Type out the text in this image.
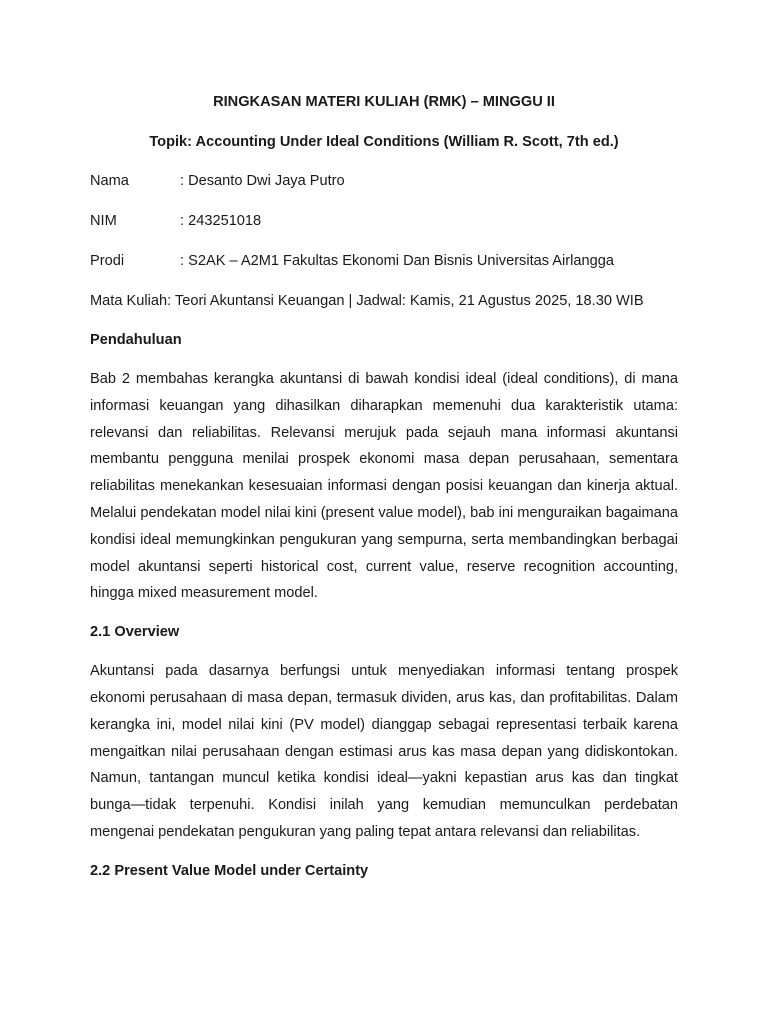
RINGKASAN MATERI KULIAH (RMK) – MINGGU II
Topik: Accounting Under Ideal Conditions (William R. Scott, 7th ed.)
Nama	: Desanto Dwi Jaya Putro
NIM	: 243251018
Prodi	: S2AK – A2M1 Fakultas Ekonomi Dan Bisnis Universitas Airlangga
Mata Kuliah: Teori Akuntansi Keuangan | Jadwal: Kamis, 21 Agustus 2025, 18.30 WIB
Pendahuluan

Bab 2 membahas kerangka akuntansi di bawah kondisi ideal (ideal conditions), di mana informasi keuangan yang dihasilkan diharapkan memenuhi dua karakteristik utama: relevansi dan reliabilitas. Relevansi merujuk pada sejauh mana informasi akuntansi membantu pengguna menilai prospek ekonomi masa depan perusahaan, sementara reliabilitas menekankan kesesuaian informasi dengan posisi keuangan dan kinerja aktual. Melalui pendekatan model nilai kini (present value model), bab ini menguraikan bagaimana kondisi ideal memungkinkan pengukuran yang sempurna, serta membandingkan berbagai model akuntansi seperti historical cost, current value, reserve recognition accounting, hingga mixed measurement model.

2.1 Overview

Akuntansi pada dasarnya berfungsi untuk menyediakan informasi tentang prospek ekonomi perusahaan di masa depan, termasuk dividen, arus kas, dan profitabilitas. Dalam kerangka ini, model nilai kini (PV model) dianggap sebagai representasi terbaik karena mengaitkan nilai perusahaan dengan estimasi arus kas masa depan yang didiskontokan. Namun, tantangan muncul ketika kondisi ideal—yakni kepastian arus kas dan tingkat bunga—tidak terpenuhi. Kondisi inilah yang kemudian memunculkan perdebatan mengenai pendekatan pengukuran yang paling tepat antara relevansi dan reliabilitas.

2.2 Present Value Model under Certainty
